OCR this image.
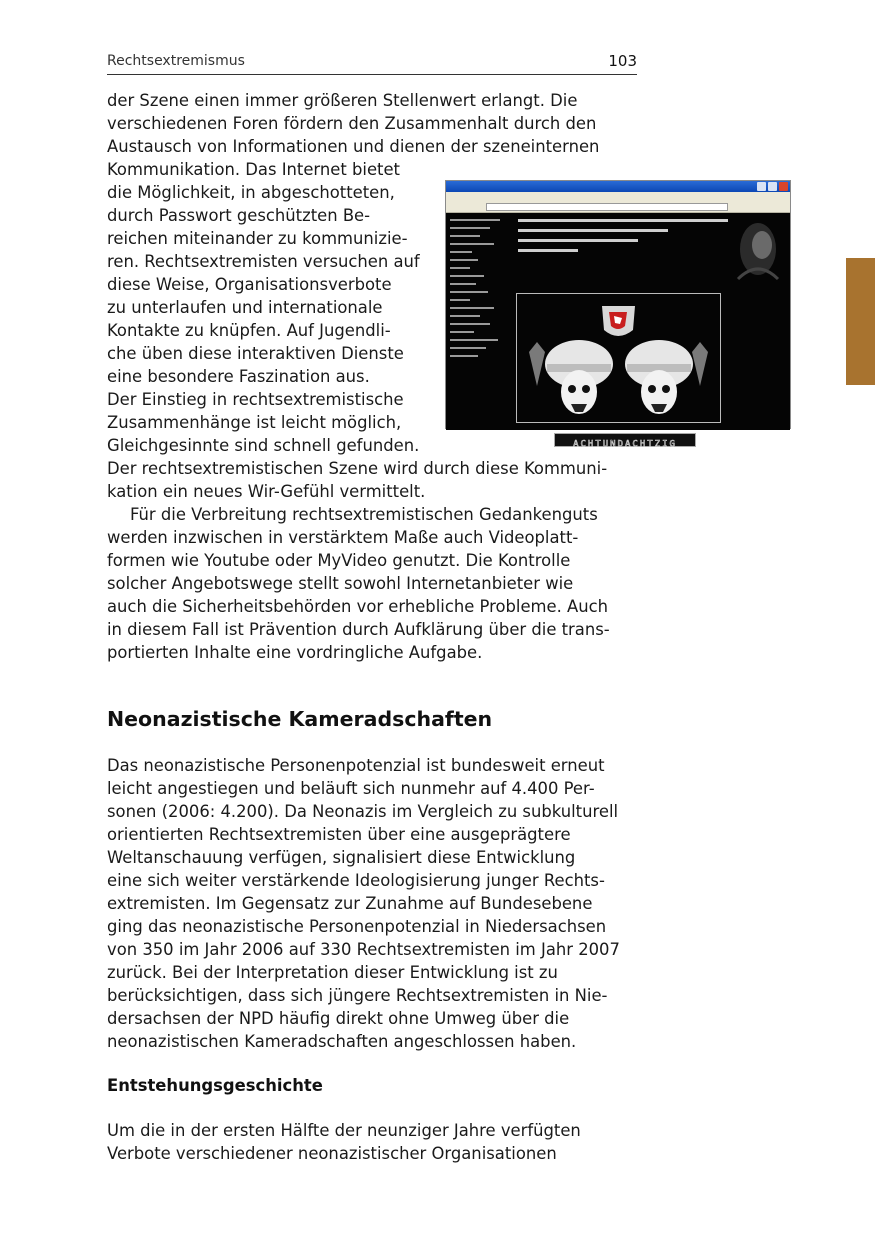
Rechtsextremismus	103
ACHTUNDACHTZIG
der Szene einen immer größeren Stellenwert erlangt. Die
verschiedenen Foren fördern den Zusammenhalt durch den
Austausch von Informationen und dienen der szeneinternen
Kommunikation. Das Internet bietet
die Möglichkeit, in abgeschotteten,
durch Passwort geschützten Be-
reichen miteinander zu kommunizie-
ren. Rechtsextremisten versuchen auf
diese Weise, Organisationsverbote
zu unterlaufen und internationale
Kontakte zu knüpfen. Auf Jugendli-
che üben diese interaktiven Dienste
eine besondere Faszination aus.
Der Einstieg in rechtsextremistische
Zusammenhänge ist leicht möglich,
Gleichgesinnte sind schnell gefunden.
Der rechtsextremistischen Szene wird durch diese Kommuni-
kation ein neues Wir-Gefühl vermittelt.
Für die Verbreitung rechtsextremistischen Gedankenguts
werden inzwischen in verstärktem Maße auch Videoplatt-
formen wie Youtube oder MyVideo genutzt. Die Kontrolle
solcher Angebotswege stellt sowohl Internetanbieter wie
auch die Sicherheitsbehörden vor erhebliche Probleme. Auch
in diesem Fall ist Prävention durch Aufklärung über die trans-
portierten Inhalte eine vordringliche Aufgabe.
Neonazistische Kameradschaften
Das neonazistische Personenpotenzial ist bundesweit erneut
leicht angestiegen und beläuft sich nunmehr auf 4.400 Per-
sonen (2006: 4.200). Da Neonazis im Vergleich zu subkulturell
orientierten Rechtsextremisten über eine ausgeprägtere
Weltanschauung verfügen, signalisiert diese Entwicklung
eine sich weiter verstärkende Ideologisierung junger Rechts-
extremisten. Im Gegensatz zur Zunahme auf Bundesebene
ging das neonazistische Personenpotenzial in Niedersachsen
von 350 im Jahr 2006 auf 330 Rechtsextremisten im Jahr 2007
zurück. Bei der Interpretation dieser Entwicklung ist zu
berücksichtigen, dass sich jüngere Rechtsextremisten in Nie-
dersachsen der NPD häufig direkt ohne Umweg über die
neonazistischen Kameradschaften angeschlossen haben.
Entstehungsgeschichte
Um die in der ersten Hälfte der neunziger Jahre verfügten
Verbote verschiedener neonazistischer Organisationen
